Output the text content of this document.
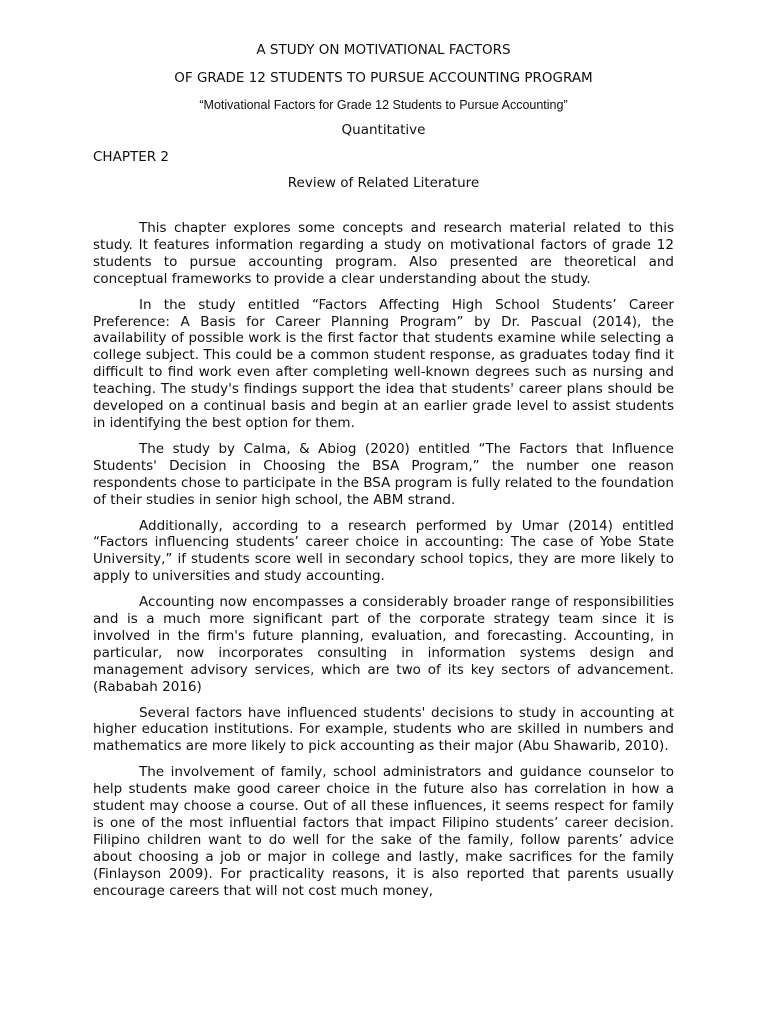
A STUDY ON MOTIVATIONAL FACTORS

OF GRADE 12 STUDENTS TO PURSUE ACCOUNTING PROGRAM

“Motivational Factors for Grade 12 Students to Pursue Accounting”

Quantitative

CHAPTER 2

Review of Related Literature

This chapter explores some concepts and research material related to this study. It features information regarding a study on motivational factors of grade 12 students to pursue accounting program. Also presented are theoretical and conceptual frameworks to provide a clear understanding about the study.

In the study entitled “Factors Affecting High School Students’ Career Preference: A Basis for Career Planning Program” by Dr. Pascual (2014), the availability of possible work is the first factor that students examine while selecting a college subject. This could be a common student response, as graduates today find it difficult to find work even after completing well-known degrees such as nursing and teaching. The study's findings support the idea that students' career plans should be developed on a continual basis and begin at an earlier grade level to assist students in identifying the best option for them.

The study by Calma, & Abiog (2020) entitled “The Factors that Influence Students' Decision in Choosing the BSA Program,” the number one reason respondents chose to participate in the BSA program is fully related to the foundation of their studies in senior high school, the ABM strand.

Additionally, according to a research performed by Umar (2014) entitled “Factors influencing students’ career choice in accounting: The case of Yobe State University,” if students score well in secondary school topics, they are more likely to apply to universities and study accounting.

Accounting now encompasses a considerably broader range of responsibilities and is a much more significant part of the corporate strategy team since it is involved in the firm's future planning, evaluation, and forecasting. Accounting, in particular, now incorporates consulting in information systems design and management advisory services, which are two of its key sectors of advancement. (Rababah 2016)

Several factors have influenced students' decisions to study in accounting at higher education institutions. For example, students who are skilled in numbers and mathematics are more likely to pick accounting as their major (Abu Shawarib, 2010).

The involvement of family, school administrators and guidance counselor to help students make good career choice in the future also has correlation in how a student may choose a course. Out of all these influences, it seems respect for family is one of the most influential factors that impact Filipino students’ career decision. Filipino children want to do well for the sake of the family, follow parents’ advice about choosing a job or major in college and lastly, make sacrifices for the family (Finlayson 2009). For practicality reasons, it is also reported that parents usually encourage careers that will not cost much money,
